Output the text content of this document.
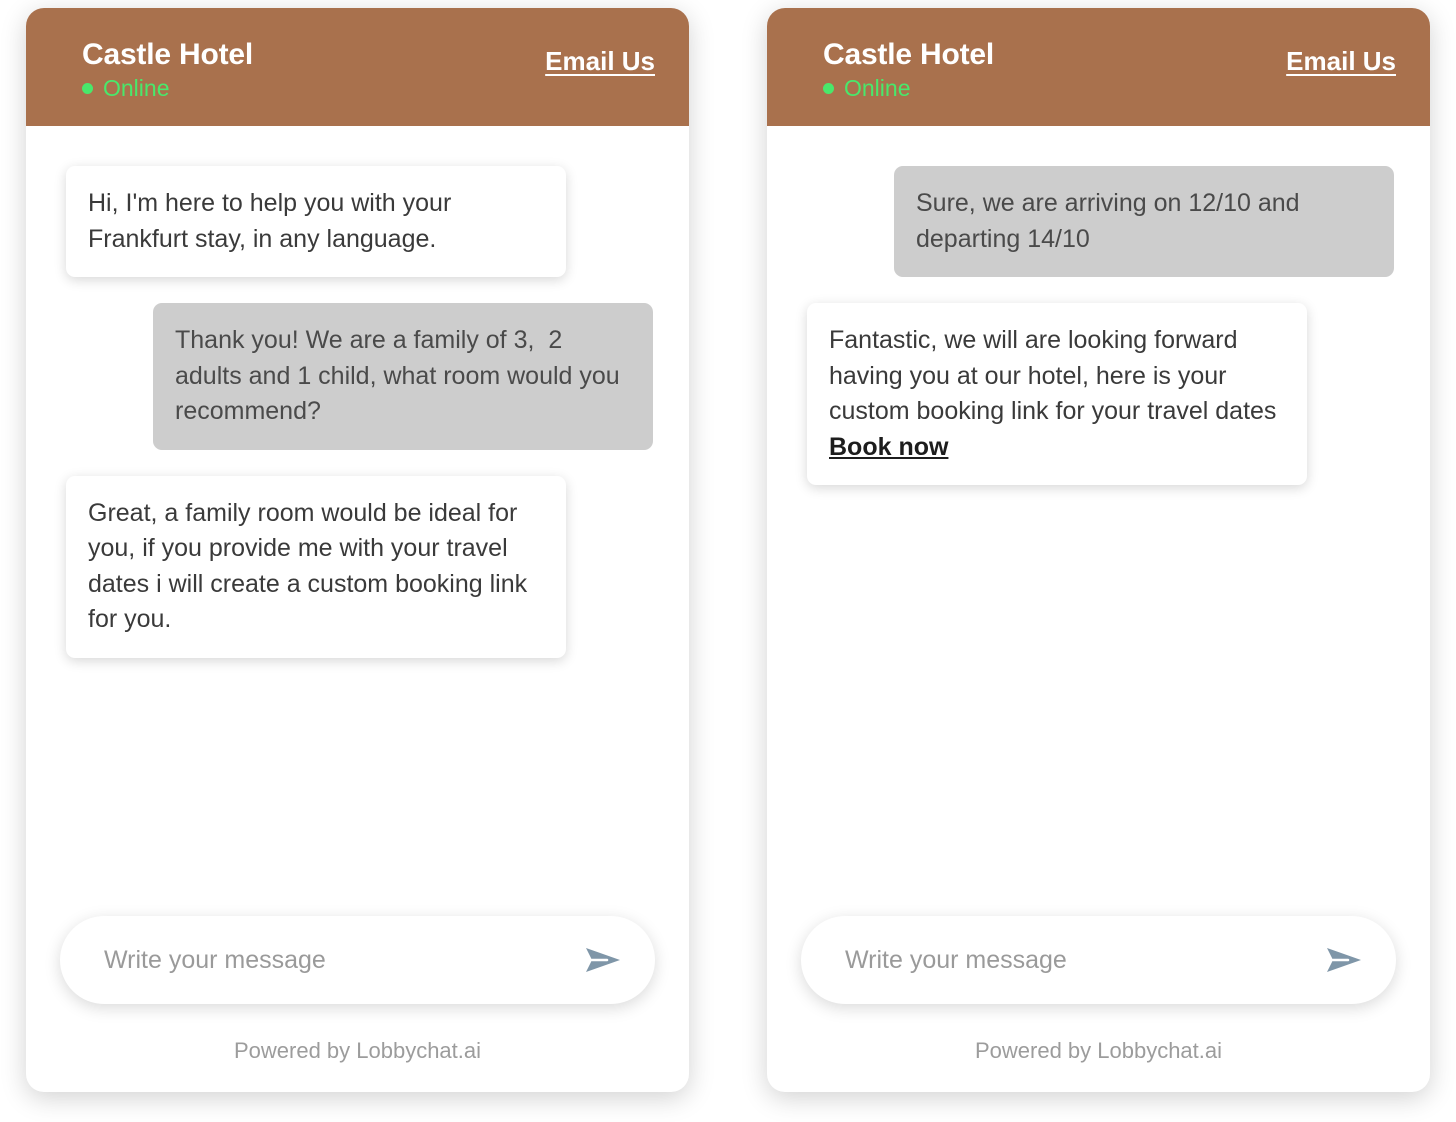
Castle Hotel
Online
Email Us
Hi, I'm here to help you with your Frankfurt stay, in any language.
Thank you! We are a family of 3,  2 adults and 1 child, what room would you recommend?
Great, a family room would be ideal for you, if you provide me with your travel dates i will create a custom booking link for you.
Write your message
Powered by Lobbychat.ai
Castle Hotel
Online
Email Us
Sure, we are arriving on 12/10 and departing 14/10
Fantastic, we will are looking forward having you at our hotel, here is your custom booking link for your travel dates Book now
Write your message
Powered by Lobbychat.ai
